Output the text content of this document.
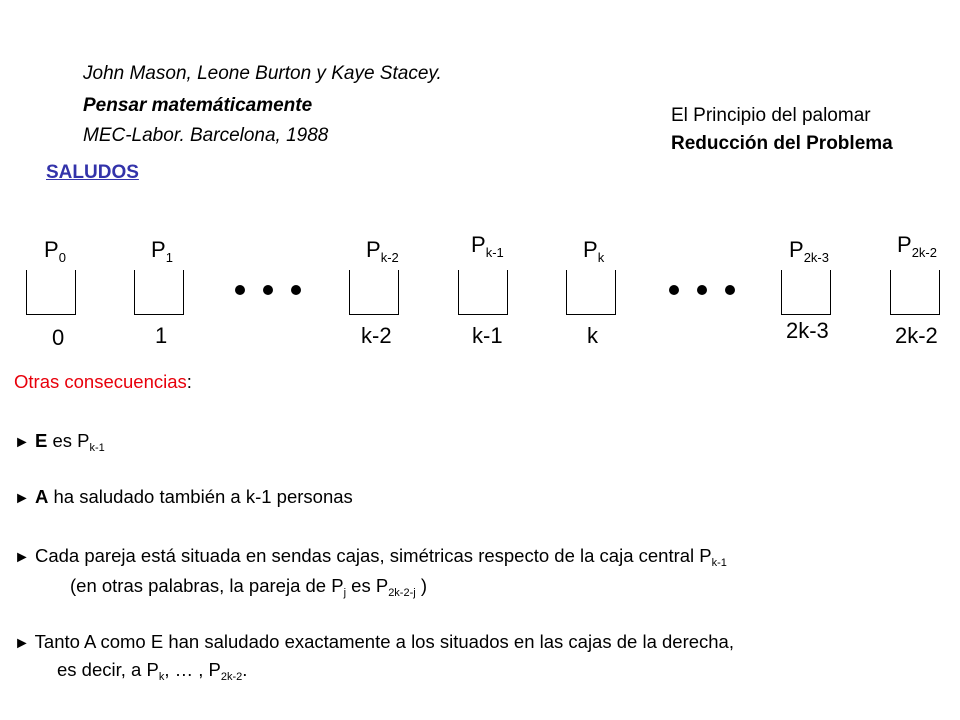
John Mason, Leone Burton y Kaye Stacey.
Pensar matemáticamente
MEC-Labor. Barcelona, 1988
El Principio del palomar
Reducción del Problema
SALUDOS
$P_0$	$P_1$	$P_{k-2}$
$P_{k-1}$	$P_k$	$P_{2k-3}$
$P_{2k-2}$
0	1	k-2	k-1	k	2k-3	2k-2
Otras consecuencias:
► E es $P_{k-1}$
► A ha saludado también a k-1 personas
► Cada pareja está situada en sendas cajas, simétricas respecto de la caja central $P_{k-1}$
(en otras palabras, la pareja de $P_j$ es $P_{2k-2-j}$ )
► Tanto A como E han saludado exactamente a los situados en las cajas de la derecha,
es decir, a $P_k$, … , $P_{2k-2}$.
